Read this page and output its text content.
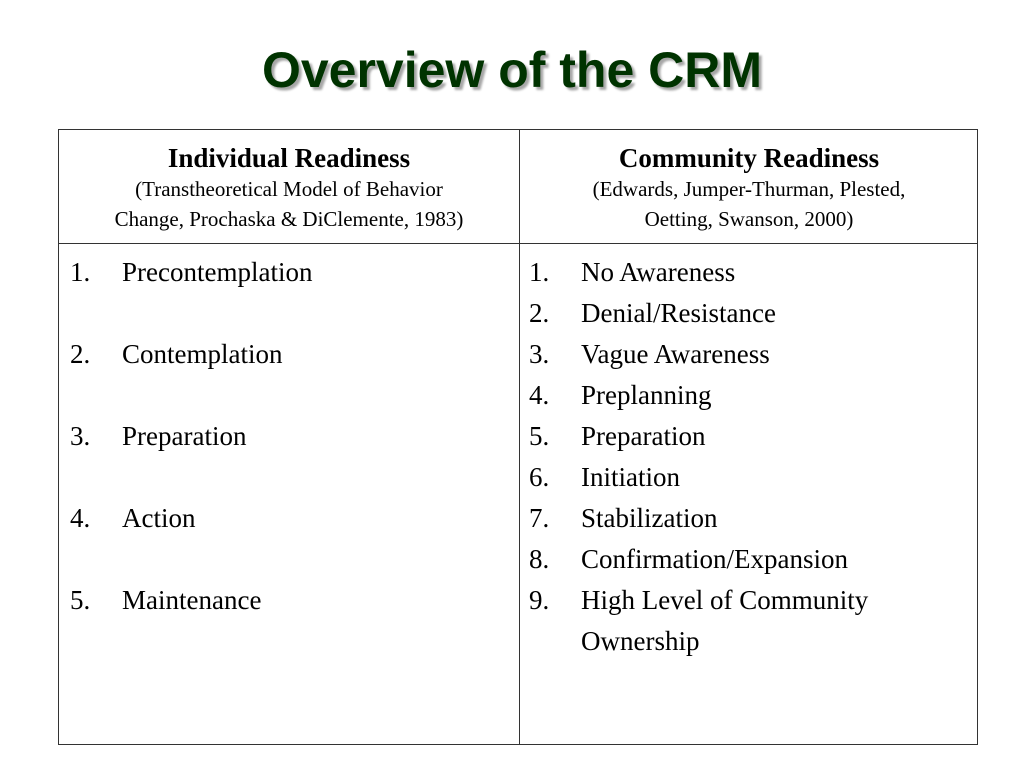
Overview of the CRM
Individual Readiness
(Transtheoretical Model of Behavior
Change, Prochaska & DiClemente, 1983)
Community Readiness
(Edwards, Jumper-Thurman, Plested,
Oetting, Swanson, 2000)
1. Precontemplation
2. Contemplation
3. Preparation
4. Action
5. Maintenance
1. No Awareness
2. Denial/Resistance
3. Vague Awareness
4. Preplanning
5. Preparation
6. Initiation
7. Stabilization
8. Confirmation/Expansion
9. High Level of Community Ownership
